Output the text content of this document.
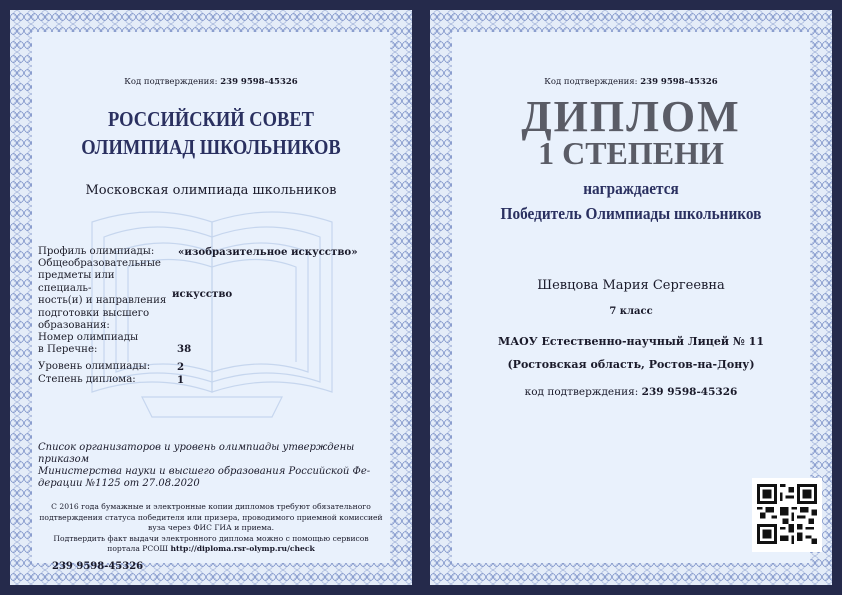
Код подтверждения: 239 9598-45326
РОССИЙСКИЙ СОВЕТ
ОЛИМПИАД ШКОЛЬНИКОВ
Московская олимпиада школьников
Профиль олимпиады: «изобразительное искусство»
Общеобразовательные
предметы или специаль-
ность(и) и направления
подготовки высшего
образования:
искусство
Номер олимпиады
в Перечне:	38
Уровень олимпиады:	2
Степень диплома:	1
Список организаторов и уровень олимпиады утверждены
приказом
Министерства науки и высшего образования Российской Фе-
дерации №1125 от 27.08.2020
С 2016 года бумажные и электронные копии дипломов требуют обязательного
подтверждения статуса победителя или призера, проводимого приемной комиссией
вуза через ФИС ГИА и приема.
Подтвердить факт выдачи электронного диплома можно с помощью сервисов
портала РСОШ http://diploma.rsr-olymp.ru/check
239 9598-45326
Код подтверждения: 239 9598-45326
ДИПЛОМ
1 СТЕПЕНИ
награждается
Победитель Олимпиады школьников
Шевцова Мария Сергеевна
7 класс
МАОУ Естественно-научный Лицей № 11
(Ростовская область, Ростов-на-Дону)
код подтверждения: 239 9598-45326
